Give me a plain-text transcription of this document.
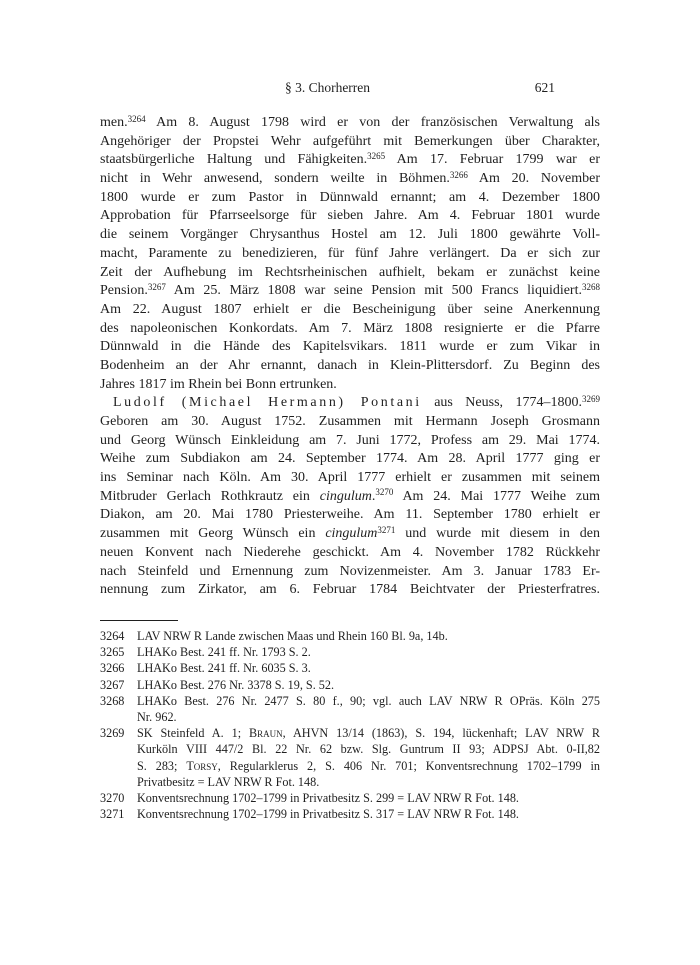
§ 3. Chorherren	621
men.$^{3264}$ Am 8. August 1798 wird er von der französischen Verwaltung als
Angehöriger der Propstei Wehr aufgeführt mit Bemerkungen über Charakter,
staatsbürgerliche Haltung und Fähigkeiten.$^{3265}$ Am 17. Februar 1799 war er
nicht in Wehr anwesend, sondern weilte in Böhmen.$^{3266}$ Am 20. November
1800 wurde er zum Pastor in Dünnwald ernannt; am 4. Dezember 1800
Approbation für Pfarrseelsorge für sieben Jahre. Am 4. Februar 1801 wurde
die seinem Vorgänger Chrysanthus Hostel am 12. Juli 1800 gewährte Voll-
macht, Paramente zu benedizieren, für fünf Jahre verlängert. Da er sich zur
Zeit der Aufhebung im Rechtsrheinischen aufhielt, bekam er zunächst keine
Pension.$^{3267}$ Am 25. März 1808 war seine Pension mit 500 Francs liquidiert.$^{3268}$
Am 22. August 1807 erhielt er die Bescheinigung über seine Anerkennung
des napoleonischen Konkordats. Am 7. März 1808 resignierte er die Pfarre
Dünnwald in die Hände des Kapitelsvikars. 1811 wurde er zum Vikar in
Bodenheim an der Ahr ernannt, danach in Klein-Plittersdorf. Zu Beginn des
Jahres 1817 im Rhein bei Bonn ertrunken.
Ludolf (Michael Hermann) Pontani aus Neuss, 1774–1800.$^{3269}$
Geboren am 30. August 1752. Zusammen mit Hermann Joseph Grosmann
und Georg Wünsch Einkleidung am 7. Juni 1772, Profess am 29. Mai 1774.
Weihe zum Subdiakon am 24. September 1774. Am 28. April 1777 ging er
ins Seminar nach Köln. Am 30. April 1777 erhielt er zusammen mit seinem
Mitbruder Gerlach Rothkrautz ein cingulum.$^{3270}$ Am 24. Mai 1777 Weihe zum
Diakon, am 20. Mai 1780 Priesterweihe. Am 11. September 1780 erhielt er
zusammen mit Georg Wünsch ein cingulum$^{3271}$ und wurde mit diesem in den
neuen Konvent nach Niederehe geschickt. Am 4. November 1782 Rückkehr
nach Steinfeld und Ernennung zum Novizenmeister. Am 3. Januar 1783 Er-
nennung zum Zirkator, am 6. Februar 1784 Beichtvater der Priesterfratres.
3264	LAV NRW R Lande zwischen Maas und Rhein 160 Bl. 9a, 14b.
3265	LHAKo Best. 241 ff. Nr. 1793 S. 2.
3266	LHAKo Best. 241 ff. Nr. 6035 S. 3.
3267	LHAKo Best. 276 Nr. 3378 S. 19, S. 52.
3268	LHAKo Best. 276 Nr. 2477 S. 80 f., 90; vgl. auch LAV NRW R OPräs. Köln 275
Nr. 962.
3269	SK Steinfeld A. 1; Braun, AHVN 13/14 (1863), S. 194, lückenhaft; LAV NRW R
Kurköln VIII 447/2 Bl. 22 Nr. 62 bzw. Slg. Guntrum II 93; ADPSJ Abt. 0-II,82
S. 283; Torsy, Regularklerus 2, S. 406 Nr. 701; Konventsrechnung 1702–1799 in
Privatbesitz = LAV NRW R Fot. 148.
3270	Konventsrechnung 1702–1799 in Privatbesitz S. 299 = LAV NRW R Fot. 148.
3271	Konventsrechnung 1702–1799 in Privatbesitz S. 317 = LAV NRW R Fot. 148.
